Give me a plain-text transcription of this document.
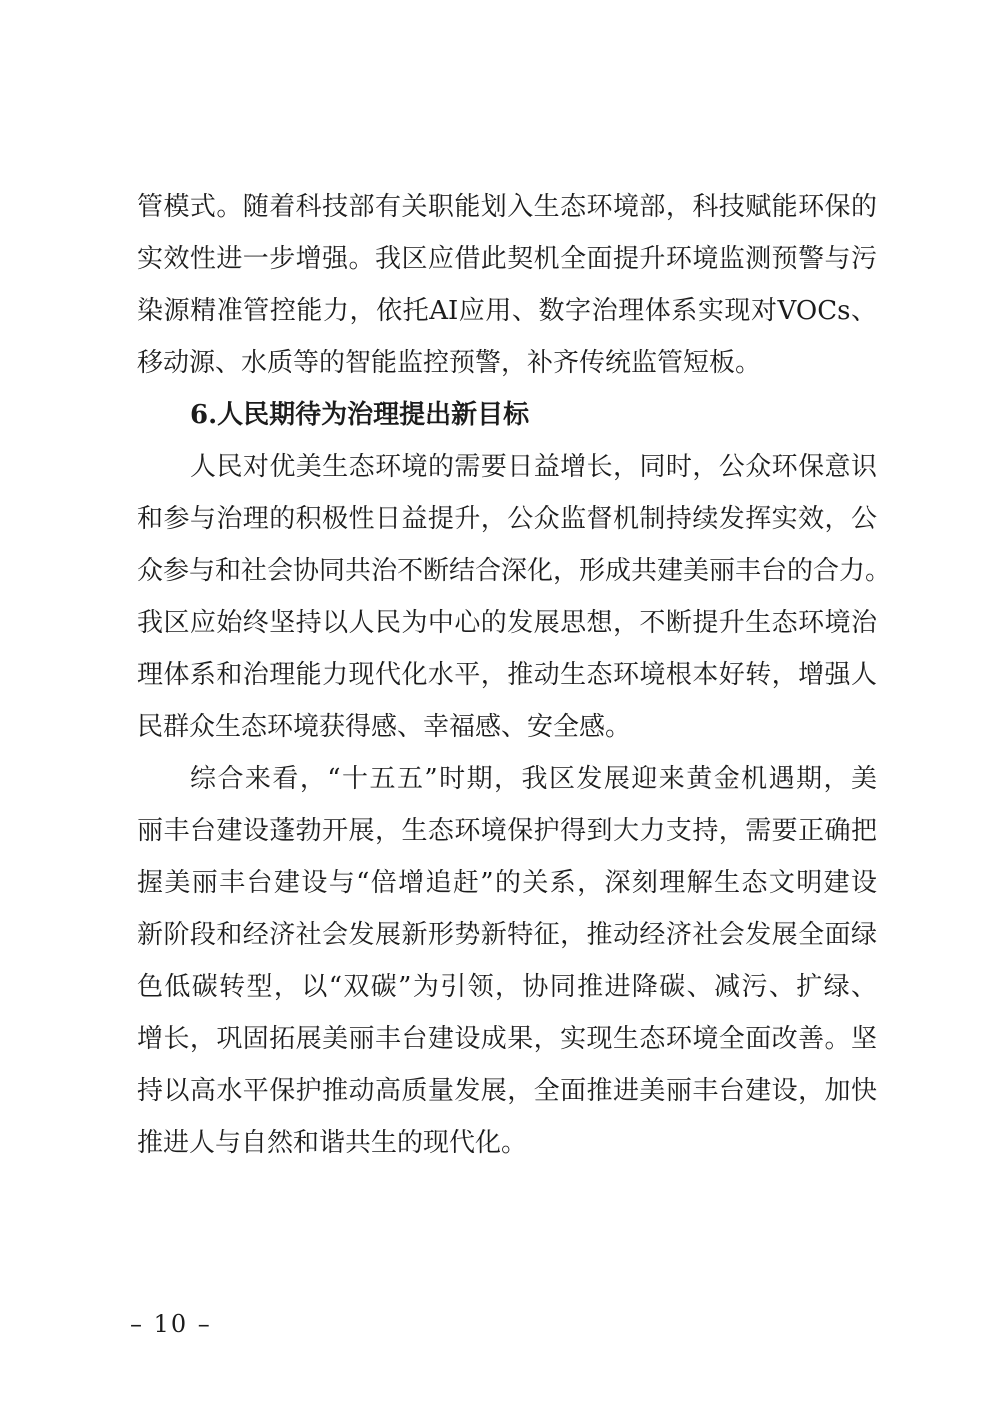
管模式。随着科技部有关职能划入生态环境部，科技赋能环保的
实效性进一步增强。我区应借此契机全面提升环境监测预警与污
染源精准管控能力，依托AI应用、数字治理体系实现对VOCs、
移动源、水质等的智能监控预警，补齐传统监管短板。
6.人民期待为治理提出新目标
人民对优美生态环境的需要日益增长，同时，公众环保意识
和参与治理的积极性日益提升，公众监督机制持续发挥实效，公
众参与和社会协同共治不断结合深化，形成共建美丽丰台的合力。
我区应始终坚持以人民为中心的发展思想，不断提升生态环境治
理体系和治理能力现代化水平，推动生态环境根本好转，增强人
民群众生态环境获得感、幸福感、安全感。
综合来看，“十五五”时期，我区发展迎来黄金机遇期，美
丽丰台建设蓬勃开展，生态环境保护得到大力支持，需要正确把
握美丽丰台建设与“倍增追赶”的关系，深刻理解生态文明建设
新阶段和经济社会发展新形势新特征，推动经济社会发展全面绿
色低碳转型，以“双碳”为引领，协同推进降碳、减污、扩绿、
增长，巩固拓展美丽丰台建设成果，实现生态环境全面改善。坚
持以高水平保护推动高质量发展，全面推进美丽丰台建设，加快
推进人与自然和谐共生的现代化。
– 10 –
